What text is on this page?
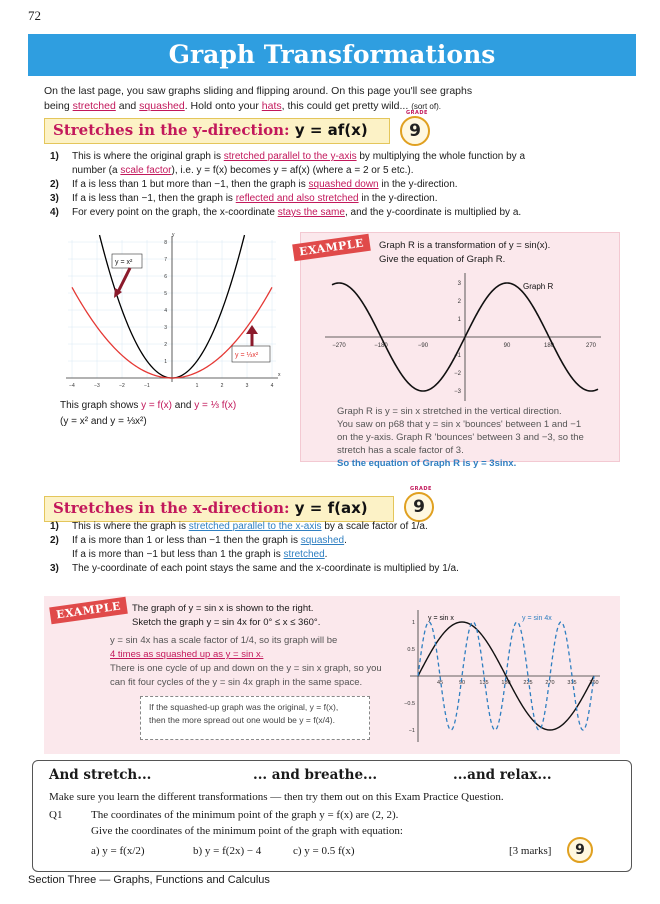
72
Graph Transformations
On the last page, you saw graphs sliding and flipping around. On this page you'll see graphs
being stretched and squashed. Hold onto your hats, this could get pretty wild... (sort of).
Stretches in the y-direction: y = af(x)
GRADE
9
1)	This is where the original graph is stretched parallel to the y-axis by multiplying the whole function by a
number (a scale factor), i.e. y = f(x) becomes y = af(x) (where a = 2 or 5 etc.).
2)	If a is less than 1 but more than −1, then the graph is squashed down in the y-direction.
3)	If a is less than −1, then the graph is reflected and also stretched in the y-direction.
4)	For every point on the graph, the x-coordinate stays the same, and the y-coordinate is multiplied by a.
y
x
−4	−3	−2	−1	1	2	3	4
1
2
3
4
5
6
7
8
y = x²
y = ⅓x²
This graph shows y = f(x) and y = ⅓ f(x)
(y = x² and y = ⅓x²)
EXAMPLE	Graph R is a transformation of y = sin(x).
Give the equation of Graph R.
−270	−180	−90	90	180	270
3
2
1
−1
−2
−3
Graph R
Graph R is y = sin x stretched in the vertical direction.
You saw on p68 that y = sin x 'bounces' between 1 and −1
on the y-axis. Graph R 'bounces' between 3 and −3, so the
stretch has a scale factor of 3.
So the equation of Graph R is y = 3sinx.
Stretches in the x-direction: y = f(ax)
GRADE
9
1)	This is where the graph is stretched parallel to the x-axis by a scale factor of 1/a.
2)	If a is more than 1 or less than −1 then the graph is squashed.
If a is more than −1 but less than 1 the graph is stretched.
3)	The y-coordinate of each point stays the same and the x-coordinate is multiplied by 1/a.
EXAMPLE	The graph of y = sin x is shown to the right.
Sketch the graph y = sin 4x for 0° ≤ x ≤ 360°.
y = sin 4x has a scale factor of 1/4, so its graph will be
4 times as squashed up as y = sin x.
There is one cycle of up and down on the y = sin x graph, so you
can fit four cycles of the y = sin 4x graph in the same space.
If the squashed-up graph was the original, y = f(x),
then the more spread out one would be y = f(x/4).
45	90	135 180 225 270 315 360
1
0.5
−0.5
−1
y = sin x	y = sin 4x
And stretch...	... and breathe...	...and relax...
Make sure you learn the different transformations — then try them out on this Exam Practice Question.
Q1	The coordinates of the minimum point of the graph y = f(x) are (2, 2).
Give the coordinates of the minimum point of the graph with equation:
a) y = f(x/2)	b) y = f(2x) − 4	c) y = 0.5 f(x)	[3 marks]	9
Section Three — Graphs, Functions and Calculus
